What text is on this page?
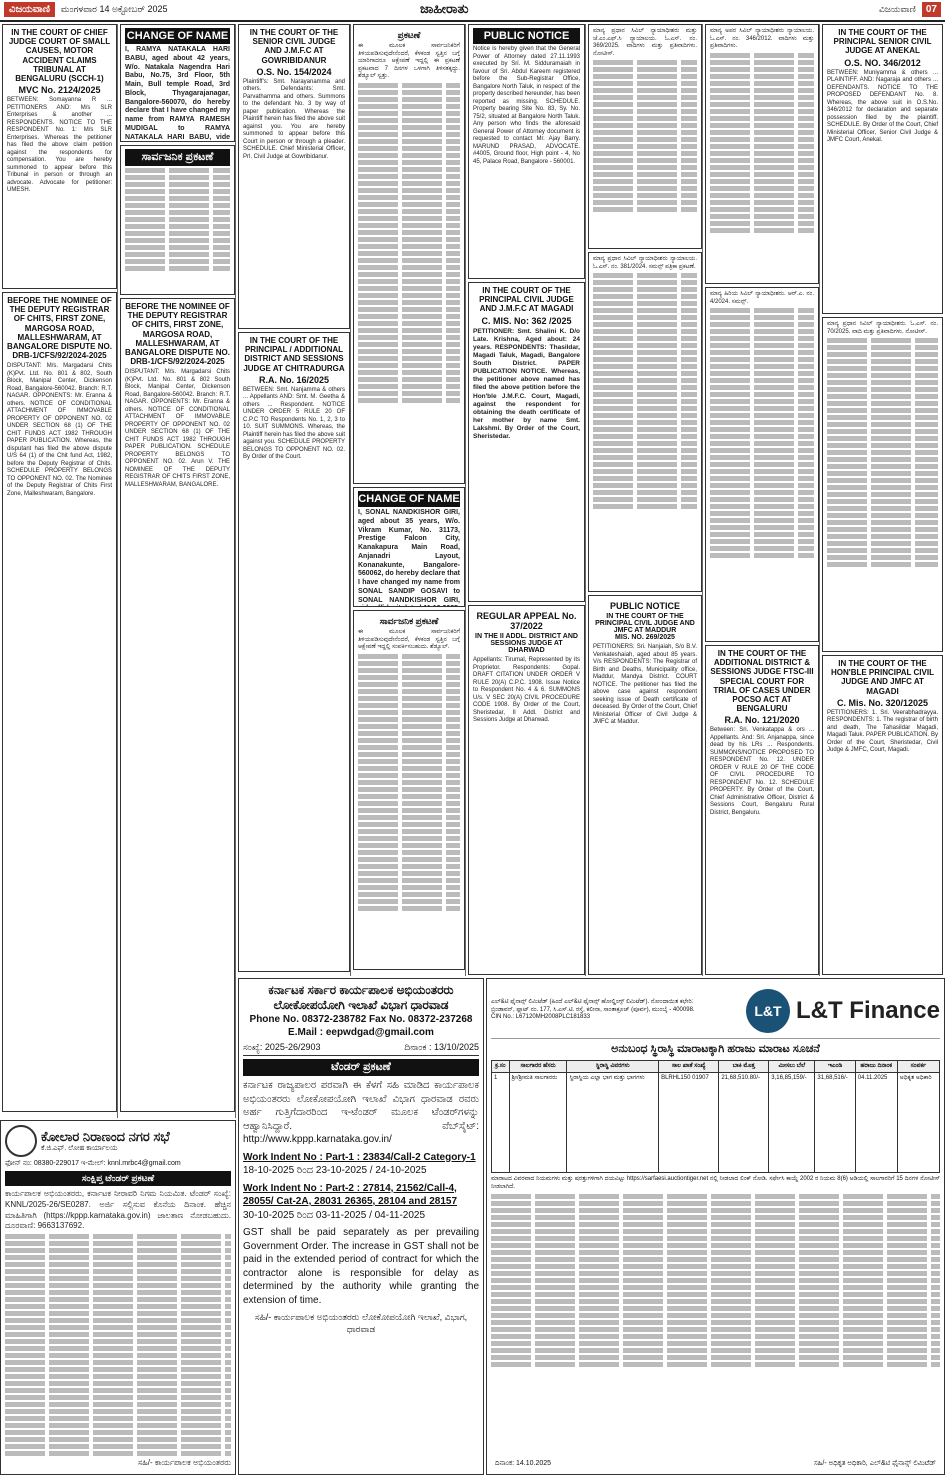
ವಿಜಯವಾಣಿ	ಮಂಗಳವಾರ 14 ಅಕ್ಟೋಬರ್ 2025	ಜಾಹೀರಾತು	ವಿಜಯವಾಣಿ	07
IN THE COURT OF CHIEF JUDGE COURT OF SMALL CAUSES, MOTOR ACCIDENT CLAIMS TRIBUNAL AT BENGALURU (SCCH-1)
MVC No. 2124/2025
BETWEEN: Somayanna R ... PETITIONERS AND: M/s SLR Enterprises & another ... RESPONDENTS. NOTICE TO THE RESPONDENT No. 1: M/s SLR Enterprises. Whereas the petitioner has filed the above claim petition against the respondents for compensation. You are hereby summoned to appear before this Tribunal in person or through an advocate. Advocate for petitioner: UMESH.
BEFORE THE NOMINEE OF THE DEPUTY REGISTRAR OF CHITS, FIRST ZONE, MARGOSA ROAD, MALLESHWARAM, AT BANGALORE DISPUTE NO. DRB-1/CFS/92/2024-2025
DISPUTANT: M/s. Margadarsi Chits (K)Pvt. Ltd. No. 801 & 802, South Block, Manipal Center, Dickenson Road, Bangalore-560042. Branch: R.T. NAGAR. OPPONENTS: Mr. Eranna & others. NOTICE OF CONDITIONAL ATTACHMENT OF IMMOVABLE PROPERTY OF OPPONENT NO. 02 UNDER SECTION 68 (1) OF THE CHIT FUNDS ACT 1982 THROUGH PAPER PUBLICATION. Whereas, the disputant has filed the above dispute U/S 64 (1) of the Chit fund Act, 1982, before the Deputy Registrar of Chits. SCHEDULE PROPERTY BELONGS TO OPPONENT NO. 02. The Nominee of the Deputy Registrar of Chits First Zone, Malleshwaram, Bangalore.
CHANGE OF NAME
I, RAMYA NATAKALA HARI BABU, aged about 42 years, W/o. Natakala Nagendra Hari Babu, No.75, 3rd Floor, 5th Main, Bull temple Road, 3rd Block, Thyagarajanagar, Bangalore-560070, do hereby declare that I have changed my name from RAMYA RAMESH MUDIGAL to RAMYA NATAKALA HARI BABU, vide
ಸಾರ್ವಜನಿಕ ಪ್ರಕಟಣೆ
BEFORE THE NOMINEE OF THE DEPUTY REGISTRAR OF CHITS, FIRST ZONE, MARGOSA ROAD, MALLESHWARAM, AT BANGALORE DISPUTE NO. DRB-1/CFS/92/2024-2025
DISPUTANT: M/s. Margadarsi Chits (K)Pvt. Ltd. No. 801 & 802 South Block, Manipal Center, Dickenson Road, Bangalore-560042. Branch: R.T. NAGAR. OPPONENTS: Mr. Eranna & others. NOTICE OF CONDITIONAL ATTACHMENT OF IMMOVABLE PROPERTY OF OPPONENT NO. 02 UNDER SECTION 68 (1) OF THE CHIT FUNDS ACT 1982 THROUGH PAPER PUBLICATION. SCHEDULE PROPERTY BELONGS TO OPPONENT NO. 02. Arun V. THE NOMINEE OF THE DEPUTY REGISTRAR OF CHITS FIRST ZONE, MALLESHWARAM, BANGALORE.
IN THE COURT OF THE SENIOR CIVIL JUDGE AND J.M.F.C AT GOWRIBIDANUR
O.S. No. 154/2024
Plaintiff's: Smt. Narayanamma and others. Defendants: Smt. Parvathamma and others. Summons to the defendant No. 3 by way of paper publication. Whereas the Plaintiff herein has filed the above suit against you. You are hereby summoned to appear before this Court in person or through a pleader. SCHEDULE. Chief Ministerial Officer, Prl. Civil Judge at Gowribidanur.
IN THE COURT OF THE PRINCIPAL / ADDITIONAL DISTRICT AND SESSIONS JUDGE AT CHITRADURGA
R.A. No. 16/2025
BETWEEN: Smt. Nanjamma & others ... Appellants AND: Smt. M. Geetha & others ... Respondent. NOTICE UNDER ORDER 5 RULE 20 OF C.P.C TO Respondents No. 1, 2, 3 to 10. SUIT SUMMONS. Whereas, the Plaintiff herein has filed the above suit against you. SCHEDULE PROPERTY BELONGS TO OPPONENT NO. 02. By Order of the Court.
ಪ್ರಕಟಣೆ
ಈ ಮೂಲಕ ಸಾರ್ವಜನಿಕರಿಗೆ ತಿಳಿಯಪಡಿಸುವುದೇನೆಂದರೆ, ಕೆಳಕಂಡ ಸ್ವತ್ತಿನ ಬಗ್ಗೆ ಯಾರಿಗಾದರೂ ಆಕ್ಷೇಪಣೆ ಇದ್ದಲ್ಲಿ ಈ ಪ್ರಕಟಣೆ ಪ್ರಕಟವಾದ 7 ದಿನಗಳ ಒಳಗಾಗಿ ತಿಳಿಸತಕ್ಕದ್ದು. ಶೆಡ್ಯೂಲ್ ಸ್ವತ್ತು.
CHANGE OF NAME
I, SONAL NANDKISHOR GIRI, aged about 35 years, W/o. Vikram Kumar, No. 31173, Prestige Falcon City, Kanakapura Main Road, Anjanadri Layout, Konanakunte, Bangalore-560062, do hereby declare that I have changed my name from SONAL SANDIP GOSAVI to SONAL NANDKISHOR GIRI,
ಸಾರ್ವಜನಿಕ ಪ್ರಕಟಣೆ
ಈ ಮೂಲಕ ಸಾರ್ವಜನಿಕರಿಗೆ ತಿಳಿಯಪಡಿಸುವುದೇನೆಂದರೆ, ಕೆಳಕಂಡ ಸ್ವತ್ತಿನ ಬಗ್ಗೆ ಆಕ್ಷೇಪಣೆ ಇದ್ದಲ್ಲಿ ಸಂಪರ್ಕಿಸಬಹುದು. ಶೆಡ್ಯೂಲ್.
PUBLIC NOTICE
Notice is hereby given that the General Power of Attorney dated 27.11.1993 executed by Sri. M. Sidduramaiah in favour of Sri. Abdul Kareem registered before the Sub-Registrar Office, Bangalore North Taluk, in respect of the property described hereunder, has been reported as missing. SCHEDULE. Property bearing Site No. 83, Sy. No. 75/2, situated at Bangalore North Taluk. Any person who finds the aforesaid General Power of Attorney document is requested to contact Mr. Ajay Barry. MARUND PRASAD, ADVOCATE. #4005, Ground floor, High point - 4, No 45, Palace Road, Bangalore - 560001.
IN THE COURT OF THE PRINCIPAL CIVIL JUDGE AND J.M.F.C AT MAGADI
C. MIS. No: 362 /2025
PETITIONER: Smt. Shalini K. D/o Late. Krishna, Aged about: 24 years. RESPONDENTS: Thasildar, Magadi Taluk, Magadi, Bangalore South District. PAPER PUBLICATION NOTICE. Whereas, the petitioner above named has filed the above petition before the Hon'ble J.M.F.C. Court, Magadi, against the respondent for obtaining the death certificate of her mother by name Smt. Lakshmi. By Order of the Court, Sheristedar.
REGULAR APPEAL No. 37/2022
IN THE II ADDL. DISTRICT AND SESSIONS JUDGE AT DHARWAD
Appellants: Tirumal, Represented by its Proprietor. Respondents: Gopal. DRAFT CITATION UNDER ORDER V RULE 20(A) C.P.C. 1908. Issue Notice to Respondent No. 4 & 6. SUMMONS U/s. V SEC 20(A) CIVIL PROCEDURE CODE 1908. By Order of the Court, Sheristedar, II Addl. District and Sessions Judge at Dharwad.
ಮಾನ್ಯ ಪ್ರಧಾನ ಸಿವಿಲ್ ನ್ಯಾಯಾಧೀಶರು ಮತ್ತು ಜೆ.ಎಂ.ಎಫ್.ಸಿ ನ್ಯಾಯಾಲಯ. ಓ.ಎಸ್. ನಂ. 369/2025. ವಾದಿಗಳು ಮತ್ತು ಪ್ರತಿವಾದಿಗಳು. ನೋಟೀಸ್.
ಮಾನ್ಯ ಪ್ರಧಾನ ಸಿವಿಲ್ ನ್ಯಾಯಾಧೀಶರು ನ್ಯಾಯಾಲಯ. ಓ.ಎಸ್. ನಂ. 381/2024. ಸಮನ್ಸ್ ಪತ್ರಿಕಾ ಪ್ರಕಟಣೆ.
PUBLIC NOTICE
IN THE COURT OF THE PRINCIPAL CIVIL JUDGE AND JMFC AT MADDUR
MIS. NO. 269/2025
PETITIONERS: Sri. Nanjaiah, S/o B.V. Venkateshaiah, aged about 85 years. V/s RESPONDENTS: The Registrar of Birth and Deaths, Municipality office, Maddur, Mandya District. COURT NOTICE. The petitioner has filed the above case against respondent seeking issue of Death certificate of deceased. By Order of the Court, Chief Ministerial Officer of Civil Judge & JMFC at Maddur.
ಮಾನ್ಯ ಅಪರ ಸಿವಿಲ್ ನ್ಯಾಯಾಧೀಶರು ನ್ಯಾಯಾಲಯ. ಓ.ಎಸ್. ನಂ. 346/2012. ವಾದಿಗಳು ಮತ್ತು ಪ್ರತಿವಾದಿಗಳು.
ಮಾನ್ಯ ಹಿರಿಯ ಸಿವಿಲ್ ನ್ಯಾಯಾಧೀಶರು. ಆರ್.ಎ. ನಂ. 4/2024. ಸಮನ್ಸ್.
IN THE COURT OF THE ADDITIONAL DISTRICT & SESSIONS JUDGE FTSC-III SPECIAL COURT FOR TRIAL OF CASES UNDER POCSO ACT AT BENGALURU
R.A. No. 121/2020
Between: Sri. Venkatappa & ors ... Appellants. And: Sri. Anjanappa, since dead by his LRs ... Respondents. SUMMONS/NOTICE PROPOSED TO RESPONDENT No. 12. UNDER ORDER V RULE 20 OF THE CODE OF CIVIL PROCEDURE TO RESPONDENT No. 12. SCHEDULE PROPERTY. By Order of the Court, Chief Administrative Officer, District & Sessions Court, Bengaluru Rural District, Bengaluru.
IN THE COURT OF THE PRINCIPAL SENIOR CIVIL JUDGE AT ANEKAL
O.S. NO. 346/2012
BETWEEN: Muniyamma & others ... PLAINTIFF. AND: Nagaraja and others ... DEFENDANTS. NOTICE TO THE PROPOSED DEFENDANT No. 8. Whereas, the above suit in O.S.No. 346/2012 for declaration and separate possession filed by the plaintiff. SCHEDULE. By Order of the Court, Chief Ministerial Officer, Senior Civil Judge & JMFC Court, Anekal.
ಮಾನ್ಯ ಪ್ರಧಾನ ಸಿವಿಲ್ ನ್ಯಾಯಾಧೀಶರು. ಓ.ಎಸ್. ನಂ. 70/2025. ವಾದಿ ಮತ್ತು ಪ್ರತಿವಾದಿಗಳು. ನೋಟೀಸ್.
IN THE COURT OF THE HON'BLE PRINCIPAL CIVIL JUDGE AND JMFC AT MAGADI
C. Mis. No. 320/12025
PETITIONERS: 1. Sri. Veerabhadrayya. RESPONDENTS: 1. The registrar of birth and death, The Tahasildar Magadi, Magadi Taluk. PAPER PUBLICATION. By Order of the Court, Sheristedar, Civil Judge & JMFC, Court, Magadi.
ಕೋಲಾರ ನಿರಾಣಂದ ನಗರ ಸಭೆ
ಕೆ.ಜಿ.ಎಫ್. ಲೋಹ ಕಾರ್ಯಾಲಯ
ಫೋನ್ ನಂ: 08380-229017 ಇ-ಮೇಲ್: knnl.mrbc4@gmail.com
ಸಂಕ್ಷಿಪ್ತ ಟೆಂಡರ್ ಪ್ರಕಟಣೆ
ಕಾರ್ಯಪಾಲಕ ಅಭಿಯಂತರರು, ಕರ್ನಾಟಕ ನೀರಾವರಿ ನಿಗಮ ನಿಯಮಿತ. ಟೆಂಡರ್ ಸಂಖ್ಯೆ: KNNL/2025-26/SE0287. ಅರ್ಜಿ ಸಲ್ಲಿಸುವ ಕೊನೆಯ ದಿನಾಂಕ. ಹೆಚ್ಚಿನ ಮಾಹಿತಿಗಾಗಿ (https://kppp.karnataka.gov.in) ಜಾಲತಾಣ ನೋಡಬಹುದು. ದೂರವಾಣಿ: 9663137692.
ಸಹಿ/- ಕಾರ್ಯಪಾಲಕ ಅಭಿಯಂತರರು
ಕರ್ನಾಟಕ ಸರ್ಕಾರ ಕಾರ್ಯಪಾಲಕ ಅಭಿಯಂತರರು ಲೋಕೋಪಯೋಗಿ ಇಲಾಖೆ ವಿಭಾಗ ಧಾರವಾಡ
Phone No. 08372-238782 Fax No. 08372-237268
E.Mail : eepwdgad@gmail.com
ಸಂಖ್ಯೆ: 2025-26/2903	ದಿನಾಂಕ : 13/10/2025
ಟೆಂಡರ್ ಪ್ರಕಟಣೆ
ಕರ್ನಾಟಕ ರಾಜ್ಯಪಾಲರ ಪರವಾಗಿ ಈ ಕೆಳಗೆ ಸಹಿ ಮಾಡಿದ ಕಾರ್ಯಪಾಲಕ ಅಭಿಯಂತರರು ಲೋಕೋಪಯೋಗಿ ಇಲಾಖೆ ವಿಭಾಗ ಧಾರವಾಡ ರವರು ಅರ್ಹ ಗುತ್ತಿಗೆದಾರರಿಂದ ಇ-ಟೆಂಡರ್ ಮೂಲಕ ಟೆಂಡರ್‌ಗಳನ್ನು ಆಹ್ವಾನಿಸಿದ್ದಾರೆ. ವೆಬ್‌ಸೈಟ್: http://www.kppp.karnataka.gov.in/
Work Indent No : Part-1 : 23834/Call-2 Category-1
18-10-2025 ರಿಂದ 23-10-2025 / 24-10-2025
Work Indent No : Part-2 : 27814, 21562/Call-4, 28055/ Cat-2A, 28031 26365, 28104 and 28157
30-10-2025 ರಿಂದ 03-11-2025 / 04-11-2025
GST shall be paid separately as per prevailing Government Order. The increase in GST shall not be paid in the extended period of contract for which the contractor alone is responsible for delay as determined by the authority while granting the extension of time.
ಸಹಿ/- ಕಾರ್ಯಪಾಲಕ ಅಭಿಯಂತರರು ಲೋಕೋಪಯೋಗಿ ಇಲಾಖೆ, ವಿಭಾಗ, ಧಾರವಾಡ
ಎಲ್&ಟಿ ಫೈನಾನ್ಸ್ ಲಿಮಿಟೆಡ್ (ಹಿಂದೆ ಎಲ್&ಟಿ ಫೈನಾನ್ಸ್ ಹೋಲ್ಡಿಂಗ್ಸ್ ಲಿಮಿಟೆಡ್). ನೋಂದಾಯಿತ ಕಛೇರಿ: ಬ್ರಿಂಡಾವನ್, ಪ್ಲಾಟ್ ನಂ. 177, ಸಿ.ಎಸ್.ಟಿ. ರಸ್ತೆ, ಕಲೀನಾ, ಸಾಂತಾಕ್ರೂಜ್ (ಪೂರ್ವ), ಮುಂಬೈ - 400098. CIN No.: L67120MH2008PLC181833	L&T L&T Finance
ಅನುಬಂಧ ಸ್ಥಿರಾಸ್ಥಿ ಮಾರಾಟಕ್ಕಾಗಿ ಹರಾಜು ಮಾರಾಟ ಸೂಚನೆ
ಕ್ರ.ಸಂ	ಸಾಲಗಾರರ ಹೆಸರು	ಸ್ಥಿರಾಸ್ಥಿ ವಿವರಗಳು	ಸಾಲ ಖಾತೆ ಸಂಖ್ಯೆ	ಬಾಕಿ ಮೊತ್ತ	ಮೀಸಲು ಬೆಲೆ	ಇಎಂಡಿ	ಹರಾಜು ದಿನಾಂಕ	ಸಂಪರ್ಕ
1	ಶ್ರೀ/ಶ್ರೀಮತಿ ಸಾಲಗಾರರು	ಸ್ಥಿರಾಸ್ಥಿಯ ಎಲ್ಲಾ ಭಾಗ ಮತ್ತು ಭಾಗಗಳು	BLRHL150 01907	21,68,510.80/-	3,16,85,159/-	31,68,516/-	04.11.2025	ಅಧಿಕೃತ ಅಧಿಕಾರಿ
ಮಾರಾಟದ ವಿವರವಾದ ನಿಯಮಗಳು ಮತ್ತು ಷರತ್ತುಗಳಿಗಾಗಿ ದಯವಿಟ್ಟು https://sarfaesi.auctiontiger.net ನಲ್ಲಿ ನೀಡಲಾದ ಲಿಂಕ್ ನೋಡಿ. ಸರ್ಫೇಸಿ ಕಾಯ್ದೆ 2002 ರ ನಿಯಮ 8(6) ಅಡಿಯಲ್ಲಿ ಸಾಲಗಾರರಿಗೆ 15 ದಿನಗಳ ನೋಟೀಸ್ ನೀಡಲಾಗಿದೆ.
ದಿನಾಂಕ: 14.10.2025	ಸಹಿ/- ಅಧಿಕೃತ ಅಧಿಕಾರಿ, ಎಲ್&ಟಿ ಫೈನಾನ್ಸ್ ಲಿಮಿಟೆಡ್
